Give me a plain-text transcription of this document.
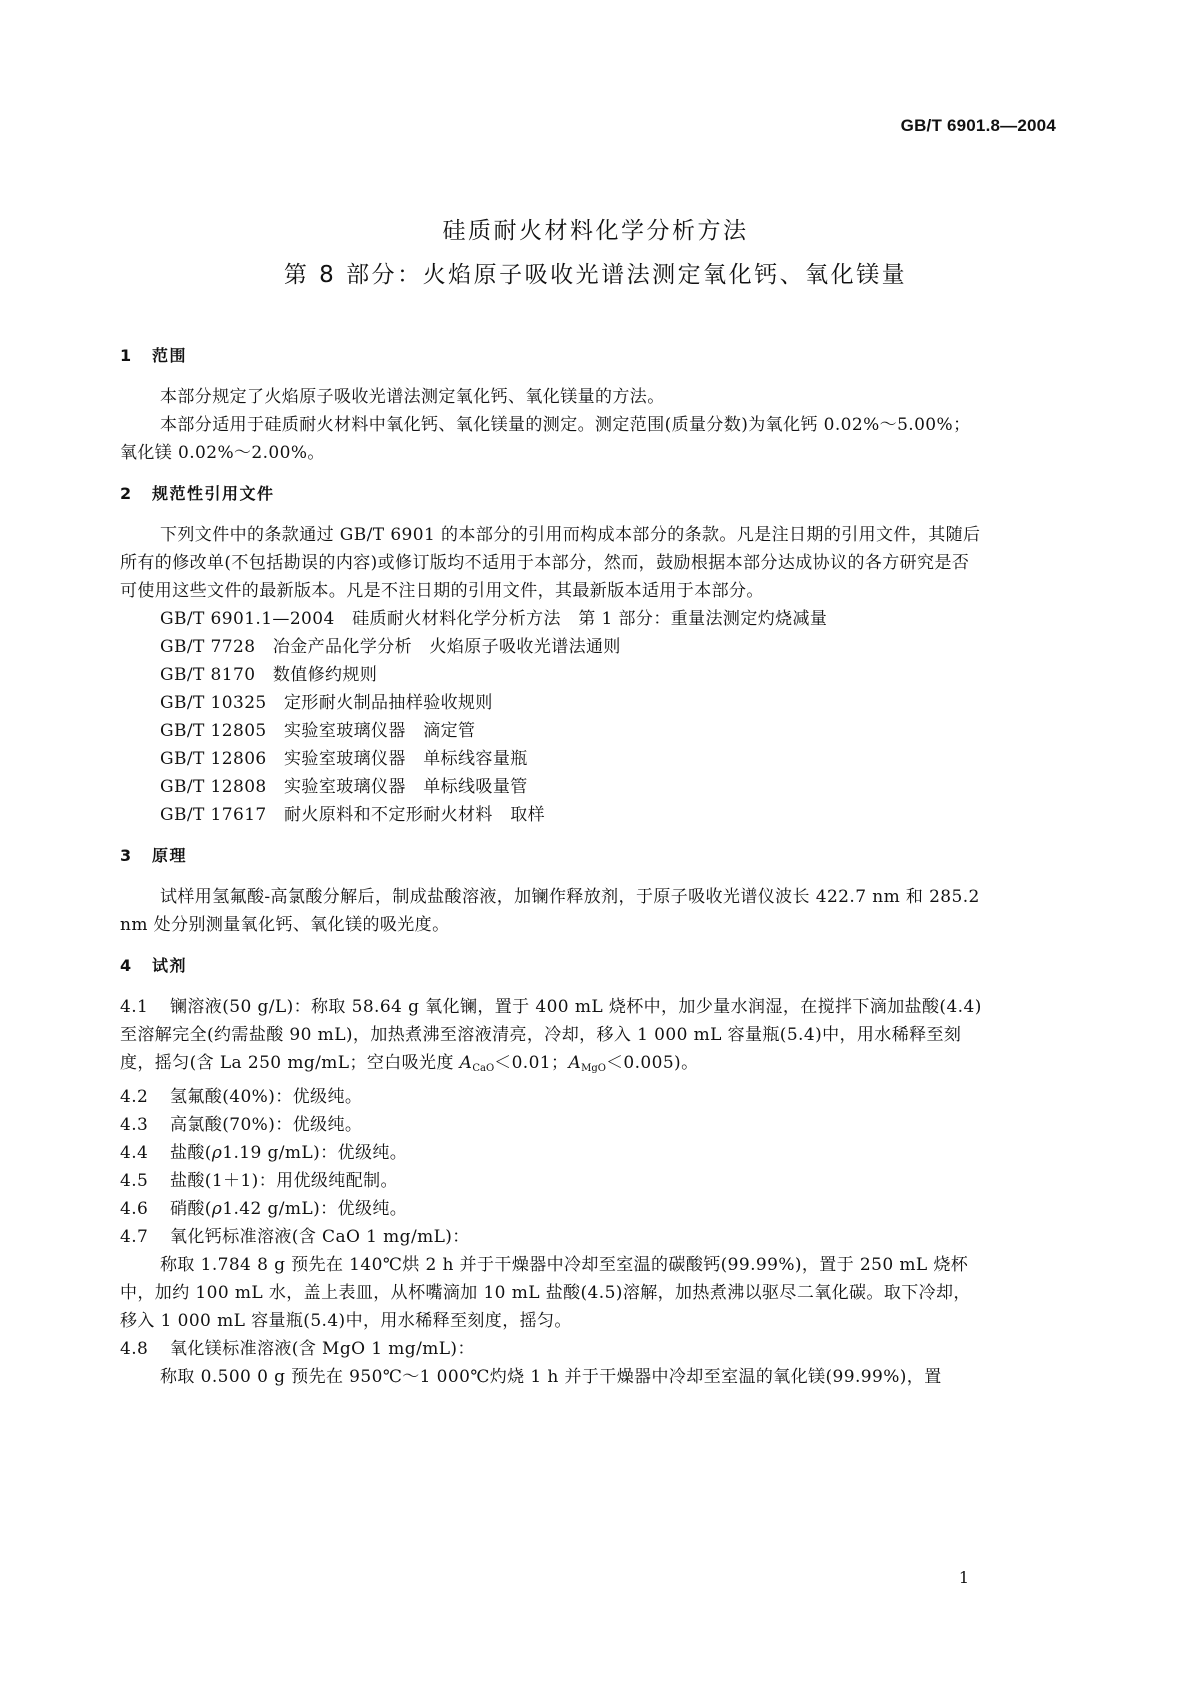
GB/T 6901.8—2004
硅质耐火材料化学分析方法
第 8 部分：火焰原子吸收光谱法测定氧化钙、氧化镁量
1 范围

本部分规定了火焰原子吸收光谱法测定氧化钙、氧化镁量的方法。

本部分适用于硅质耐火材料中氧化钙、氧化镁量的测定。测定范围(质量分数)为氧化钙 0.02%～5.00%；氧化镁 0.02%～2.00%。

2 规范性引用文件

下列文件中的条款通过 GB/T 6901 的本部分的引用而构成本部分的条款。凡是注日期的引用文件，其随后所有的修改单(不包括勘误的内容)或修订版均不适用于本部分，然而，鼓励根据本部分达成协议的各方研究是否可使用这些文件的最新版本。凡是不注日期的引用文件，其最新版本适用于本部分。

GB/T 6901.1—2004　 硅质耐火材料化学分析方法　第 1 部分：重量法测定灼烧减量
GB/T 7728　 冶金产品化学分析　火焰原子吸收光谱法通则
GB/T 8170　 数值修约规则
GB/T 10325　 定形耐火制品抽样验收规则
GB/T 12805　 实验室玻璃仪器　滴定管
GB/T 12806　 实验室玻璃仪器　单标线容量瓶
GB/T 12808　 实验室玻璃仪器　单标线吸量管
GB/T 17617　 耐火原料和不定形耐火材料　取样
3 原理

试样用氢氟酸-高氯酸分解后，制成盐酸溶液，加镧作释放剂，于原子吸收光谱仪波长 422.7 nm 和 285.2 nm 处分别测量氧化钙、氧化镁的吸光度。

4 试剂
4.1 镧溶液(50 g/L)：称取 58.64 g 氧化镧，置于 400 mL 烧杯中，加少量水润湿，在搅拌下滴加盐酸(4.4)至溶解完全(约需盐酸 90 mL)，加热煮沸至溶液清亮，冷却，移入 1 000 mL 容量瓶(5.4)中，用水稀释至刻度，摇匀(含 La 250 mg/mL；空白吸光度 ACaO＜0.01；AMgO＜0.005)。
4.2 氢氟酸(40%)：优级纯。
4.3 高氯酸(70%)：优级纯。
4.4 盐酸(ρ1.19 g/mL)：优级纯。
4.5 盐酸(1＋1)：用优级纯配制。
4.6 硝酸(ρ1.42 g/mL)：优级纯。
4.7 氧化钙标准溶液(含 CaO 1 mg/mL)：

称取 1.784 8 g 预先在 140℃烘 2 h 并于干燥器中冷却至室温的碳酸钙(99.99%)，置于 250 mL 烧杯中，加约 100 mL 水，盖上表皿，从杯嘴滴加 10 mL 盐酸(4.5)溶解，加热煮沸以驱尽二氧化碳。取下冷却，移入 1 000 mL 容量瓶(5.4)中，用水稀释至刻度，摇匀。

4.8 氧化镁标准溶液(含 MgO 1 mg/mL)：

称取 0.500 0 g 预先在 950℃～1 000℃灼烧 1 h 并于干燥器中冷却至室温的氧化镁(99.99%)，置

1
